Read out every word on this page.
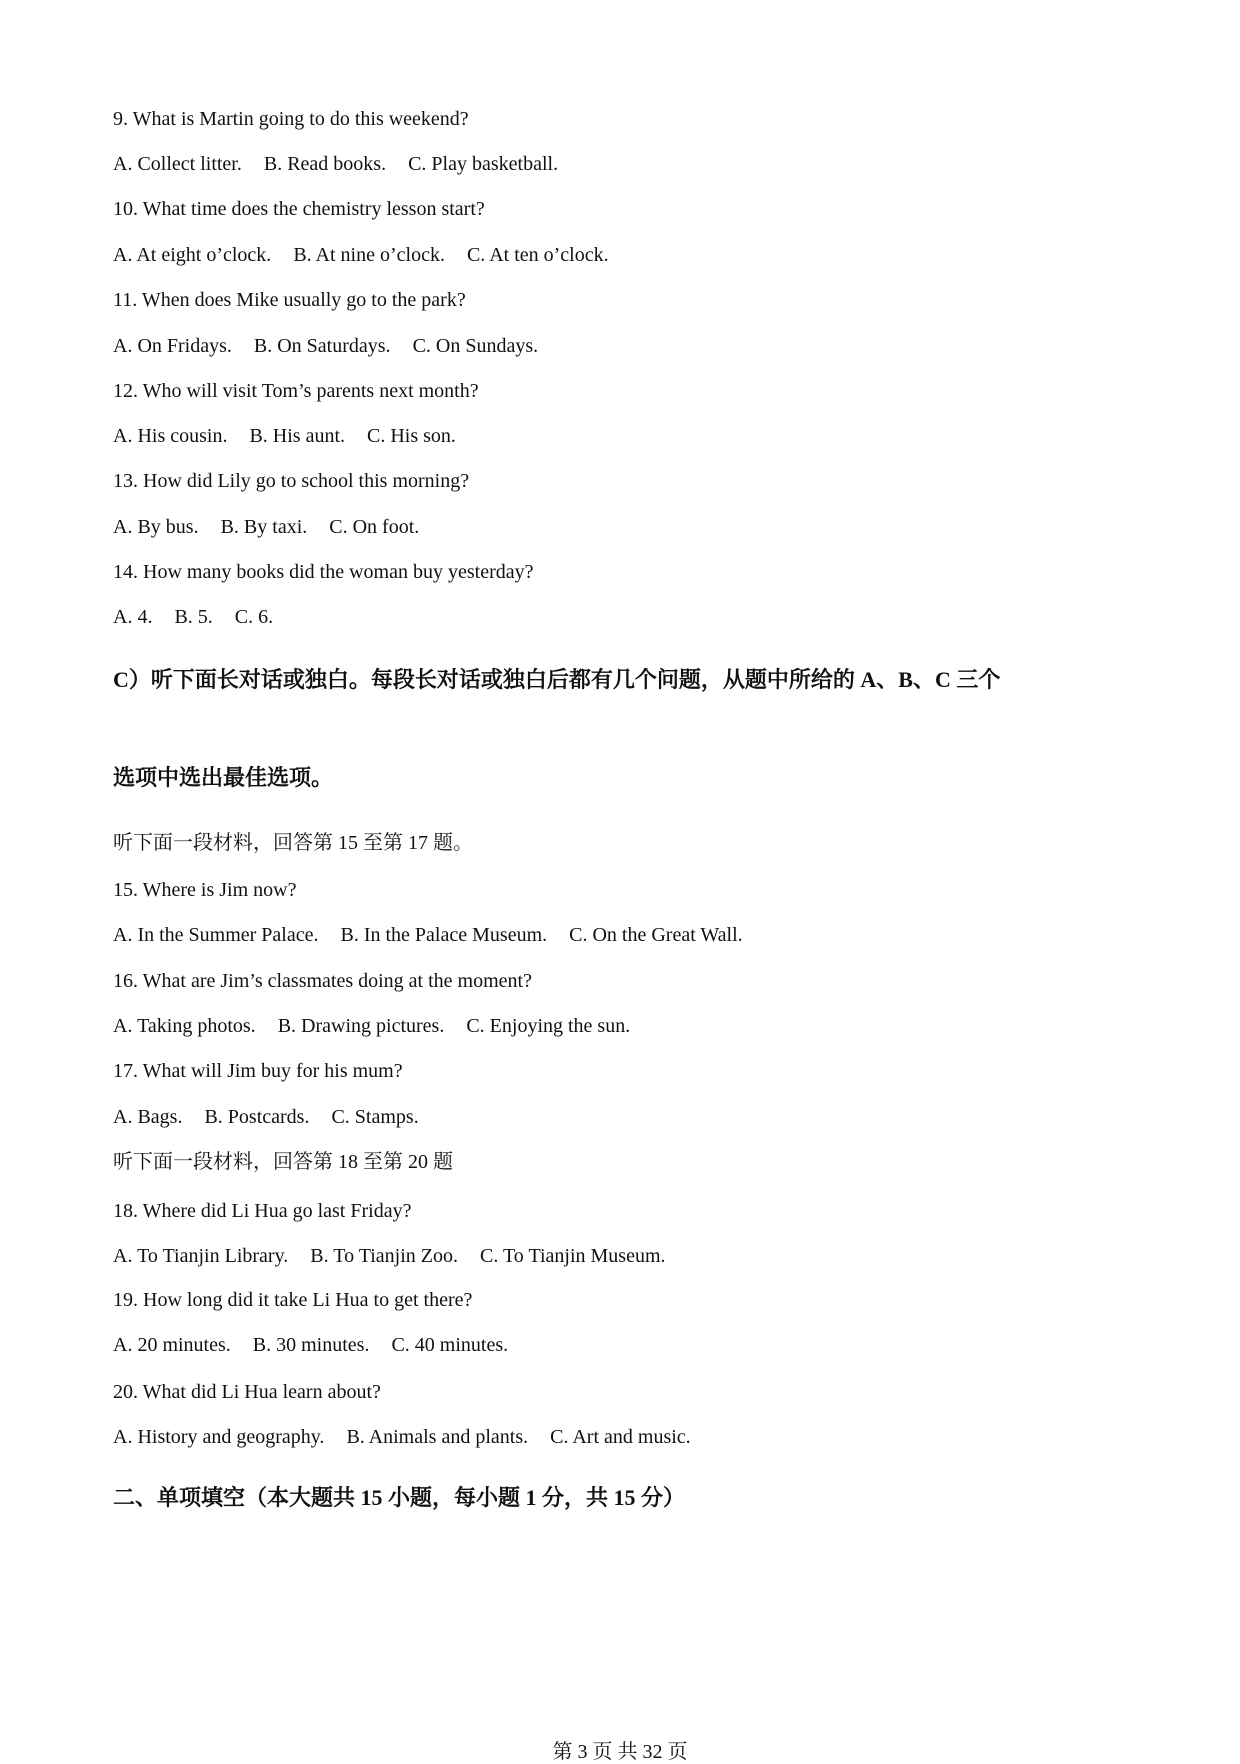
9. What is Martin going to do this weekend?
A. Collect litter. B. Read books. C. Play basketball.
10. What time does the chemistry lesson start?
A. At eight o’clock. B. At nine o’clock. C. At ten o’clock.
11. When does Mike usually go to the park?
A. On Fridays. B. On Saturdays. C. On Sundays.
12. Who will visit Tom’s parents next month?
A. His cousin. B. His aunt. C. His son.
13. How did Lily go to school this morning?
A. By bus. B. By taxi. C. On foot.
14. How many books did the woman buy yesterday?
A. 4. B. 5. C. 6.
C）听下面长对话或独白。每段长对话或独白后都有几个问题，从题中所给的 A、B、C 三个
选项中选出最佳选项。
听下面一段材料，回答第 15 至第 17 题。
15. Where is Jim now?
A. In the Summer Palace. B. In the Palace Museum. C. On the Great Wall.
16. What are Jim’s classmates doing at the moment?
A. Taking photos. B. Drawing pictures. C. Enjoying the sun.
17. What will Jim buy for his mum?
A. Bags. B. Postcards. C. Stamps.
听下面一段材料，回答第 18 至第 20 题
18. Where did Li Hua go last Friday?
A. To Tianjin Library. B. To Tianjin Zoo. C. To Tianjin Museum.
19. How long did it take Li Hua to get there?
A. 20 minutes. B. 30 minutes. C. 40 minutes.
20. What did Li Hua learn about?
A. History and geography. B. Animals and plants. C. Art and music.
二、单项填空（本大题共 15 小题，每小题 1 分，共 15 分）
第 3 页 共 32 页
